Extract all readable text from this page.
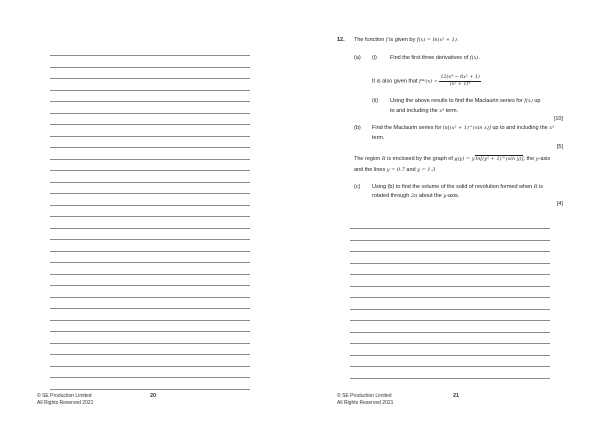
© SE Production Limited
All Rights Reserved 2021
20
12. The function f is given by f(x) = ln(x² + 1).
(a) (i) Find the first three derivatives of f(x).
It is also given that $f^{(4)}(x) = \frac{\text{12(x⁴ − 6x² + 1)}}{\text{(x² + 1)⁴}}$
(ii) Using the above results to find the Maclaurin series for f(x) up
to and including the x⁴ term.
[10]
(b) Find the Maclaurin series for ln[(x² + 1)^(sin x)] up to and including the x⁵
term.
[5]
The region R is enclosed by the graph of g(y) = yln[(y² + 1)^(sin y)], the y-axis
and the lines y = 0.7 and y = 1.3
(c) Using (b) to find the volume of the solid of revolution formed when R is
rotated through 2π about the y-axis.
[4]
© SE Production Limited
All Rights Reserved 2021
21
